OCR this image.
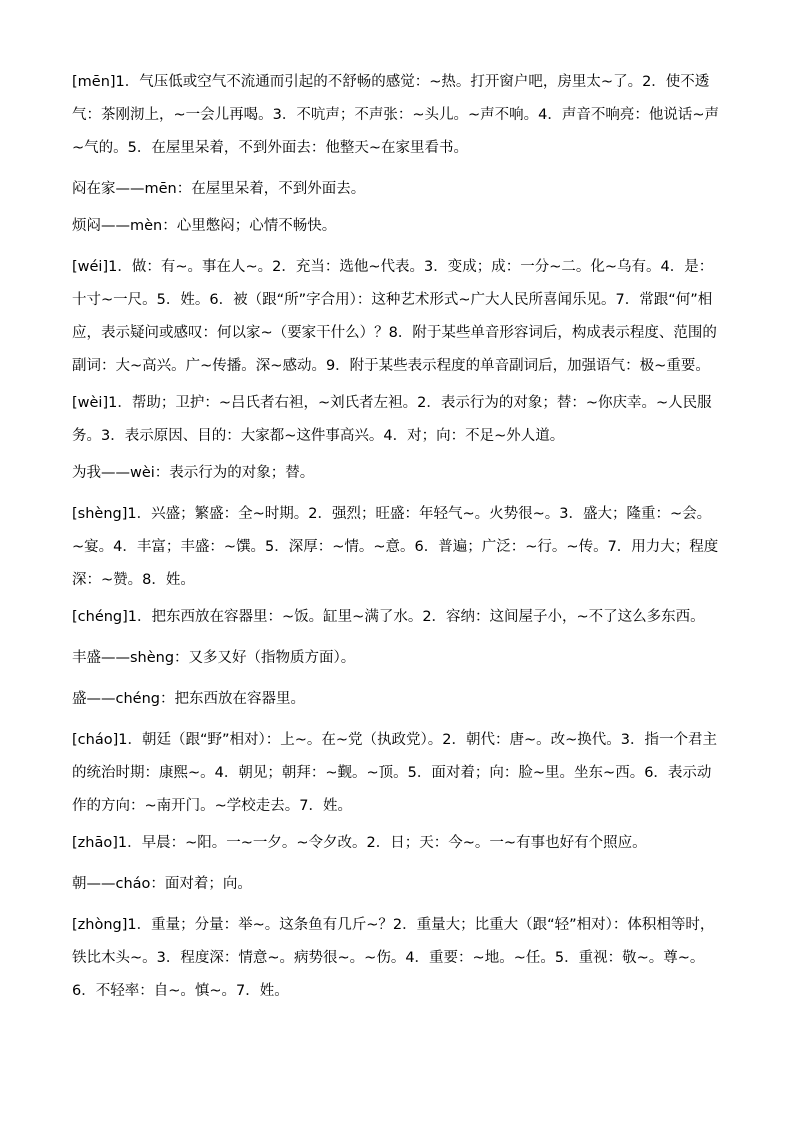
[mēn]1．气压低或空气不流通而引起的不舒畅的感觉：~热。打开窗户吧，房里太~了。2．使不透气：茶刚沏上，~一会儿再喝。3．不吭声；不声张：~头儿。~声不响。4．声音不响亮：他说话~声~气的。5．在屋里呆着，不到外面去：他整天~在家里看书。

闷在家——mēn：在屋里呆着，不到外面去。

烦闷——mèn：心里憋闷；心情不畅快。

[wéi]1．做：有~。事在人~。2．充当：选他~代表。3．变成；成：一分~二。化~乌有。4．是：十寸~一尺。5．姓。6．被（跟“所”字合用）：这种艺术形式~广大人民所喜闻乐见。7．常跟“何”相应，表示疑问或感叹：何以家~（要家干什么）？8．附于某些单音形容词后，构成表示程度、范围的副词：大~高兴。广~传播。深~感动。9．附于某些表示程度的单音副词后，加强语气：极~重要。

[wèi]1．帮助；卫护：~吕氏者右袒，~刘氏者左袒。2．表示行为的对象；替：~你庆幸。~人民服务。3．表示原因、目的：大家都~这件事高兴。4．对；向：不足~外人道。

为我——wèi：表示行为的对象；替。

[shèng]1．兴盛；繁盛：全~时期。2．强烈；旺盛：年轻气~。火势很~。3．盛大；隆重：~会。~宴。4．丰富；丰盛：~馔。5．深厚：~情。~意。6．普遍；广泛：~行。~传。7．用力大；程度深：~赞。8．姓。

[chéng]1．把东西放在容器里：~饭。缸里~满了水。2．容纳：这间屋子小，~不了这么多东西。

丰盛——shèng：又多又好（指物质方面）。

盛——chéng：把东西放在容器里。

[cháo]1．朝廷（跟“野”相对）：上~。在~党（执政党）。2．朝代：唐~。改~换代。3．指一个君主的统治时期：康熙~。4．朝见；朝拜：~觐。~顶。5．面对着；向：脸~里。坐东~西。6．表示动作的方向：~南开门。~学校走去。7．姓。

[zhāo]1．早晨：~阳。一~一夕。~令夕改。2．日；天：今~。一~有事也好有个照应。

朝——cháo：面对着；向。

[zhòng]1．重量；分量：举~。这条鱼有几斤~？2．重量大；比重大（跟“轻”相对）：体积相等时，铁比木头~。3．程度深：情意~。病势很~。~伤。4．重要：~地。~任。5．重视：敬~。尊~。6．不轻率：自~。慎~。7．姓。
